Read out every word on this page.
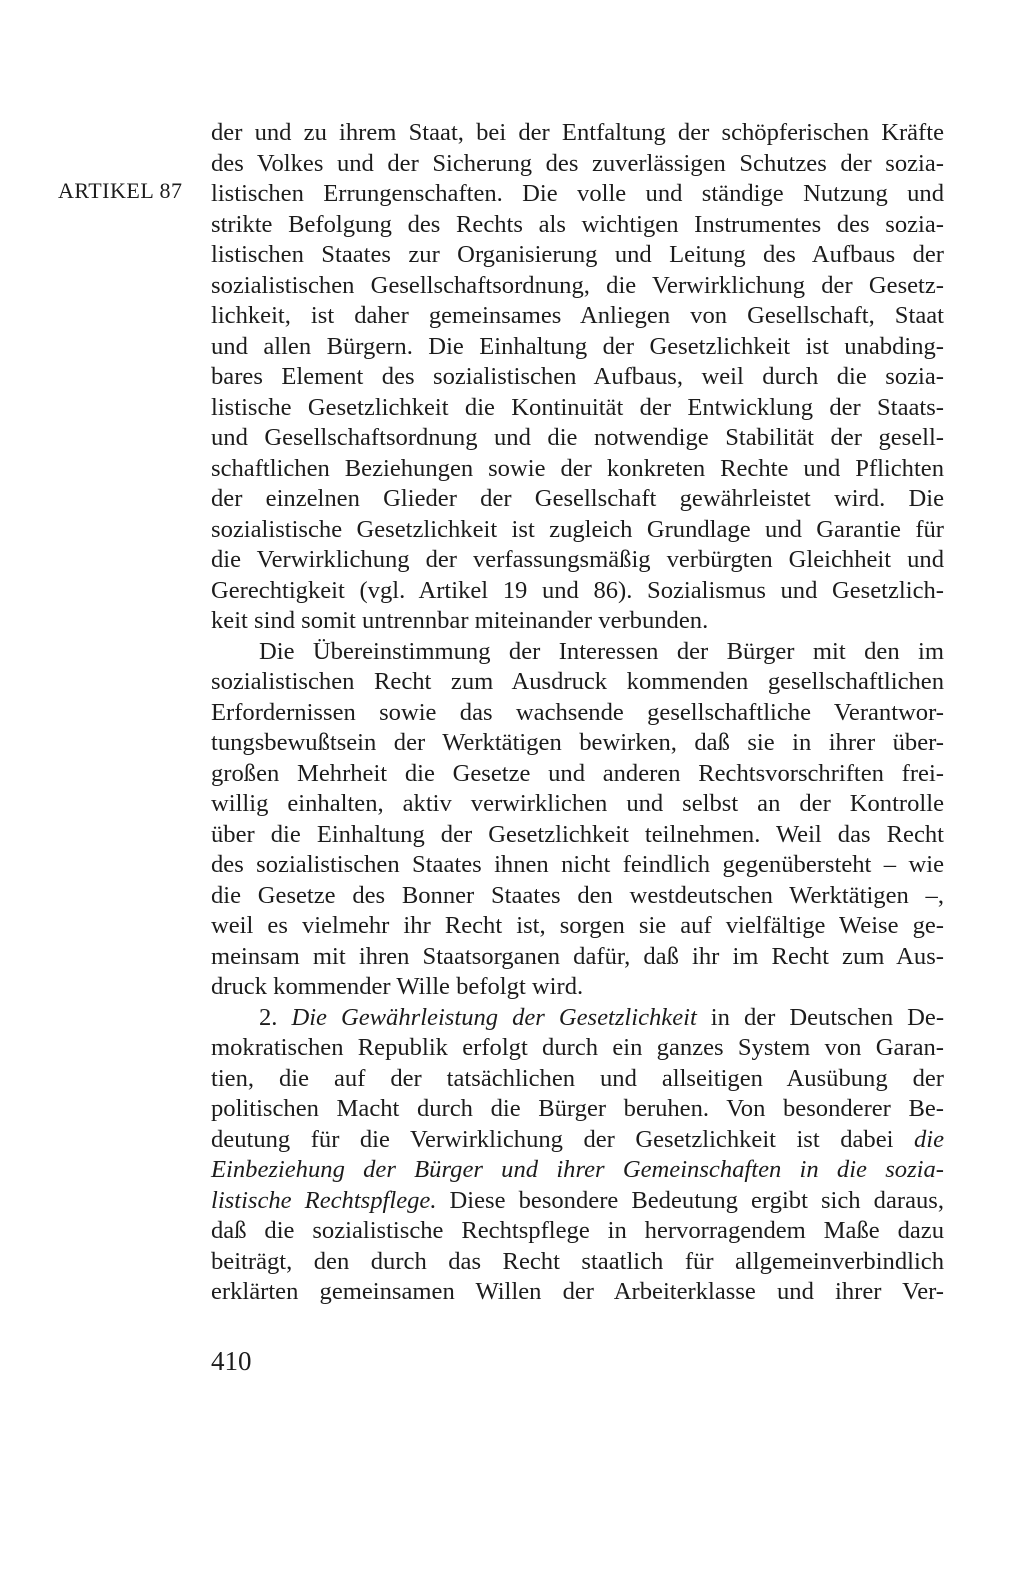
ARTIKEL 87
der und zu ihrem Staat, bei der Entfaltung der schöpferischen Kräfte
des Volkes und der Sicherung des zuverlässigen Schutzes der sozia-
listischen Errungenschaften. Die volle und ständige Nutzung und
strikte Befolgung des Rechts als wichtigen Instrumentes des sozia-
listischen Staates zur Organisierung und Leitung des Aufbaus der
sozialistischen Gesellschaftsordnung, die Verwirklichung der Gesetz-
lichkeit, ist daher gemeinsames Anliegen von Gesellschaft, Staat
und allen Bürgern. Die Einhaltung der Gesetzlichkeit ist unabding-
bares Element des sozialistischen Aufbaus, weil durch die sozia-
listische Gesetzlichkeit die Kontinuität der Entwicklung der Staats-
und Gesellschaftsordnung und die notwendige Stabilität der gesell-
schaftlichen Beziehungen sowie der konkreten Rechte und Pflichten
der einzelnen Glieder der Gesellschaft gewährleistet wird. Die
sozialistische Gesetzlichkeit ist zugleich Grundlage und Garantie für
die Verwirklichung der verfassungsmäßig verbürgten Gleichheit und
Gerechtigkeit (vgl. Artikel 19 und 86). Sozialismus und Gesetzlich-
keit sind somit untrennbar miteinander verbunden.
Die Übereinstimmung der Interessen der Bürger mit den im
sozialistischen Recht zum Ausdruck kommenden gesellschaftlichen
Erfordernissen sowie das wachsende gesellschaftliche Verantwor-
tungsbewußtsein der Werktätigen bewirken, daß sie in ihrer über-
großen Mehrheit die Gesetze und anderen Rechtsvorschriften frei-
willig einhalten, aktiv verwirklichen und selbst an der Kontrolle
über die Einhaltung der Gesetzlichkeit teilnehmen. Weil das Recht
des sozialistischen Staates ihnen nicht feindlich gegenübersteht – wie
die Gesetze des Bonner Staates den westdeutschen Werktätigen –,
weil es vielmehr ihr Recht ist, sorgen sie auf vielfältige Weise ge-
meinsam mit ihren Staatsorganen dafür, daß ihr im Recht zum Aus-
druck kommender Wille befolgt wird.
2. Die Gewährleistung der Gesetzlichkeit in der Deutschen De-
mokratischen Republik erfolgt durch ein ganzes System von Garan-
tien, die auf der tatsächlichen und allseitigen Ausübung der
politischen Macht durch die Bürger beruhen. Von besonderer Be-
deutung für die Verwirklichung der Gesetzlichkeit ist dabei die
Einbeziehung der Bürger und ihrer Gemeinschaften in die sozia-
listische Rechtspflege. Diese besondere Bedeutung ergibt sich daraus,
daß die sozialistische Rechtspflege in hervorragendem Maße dazu
beiträgt, den durch das Recht staatlich für allgemeinverbindlich
erklärten gemeinsamen Willen der Arbeiterklasse und ihrer Ver-
410
